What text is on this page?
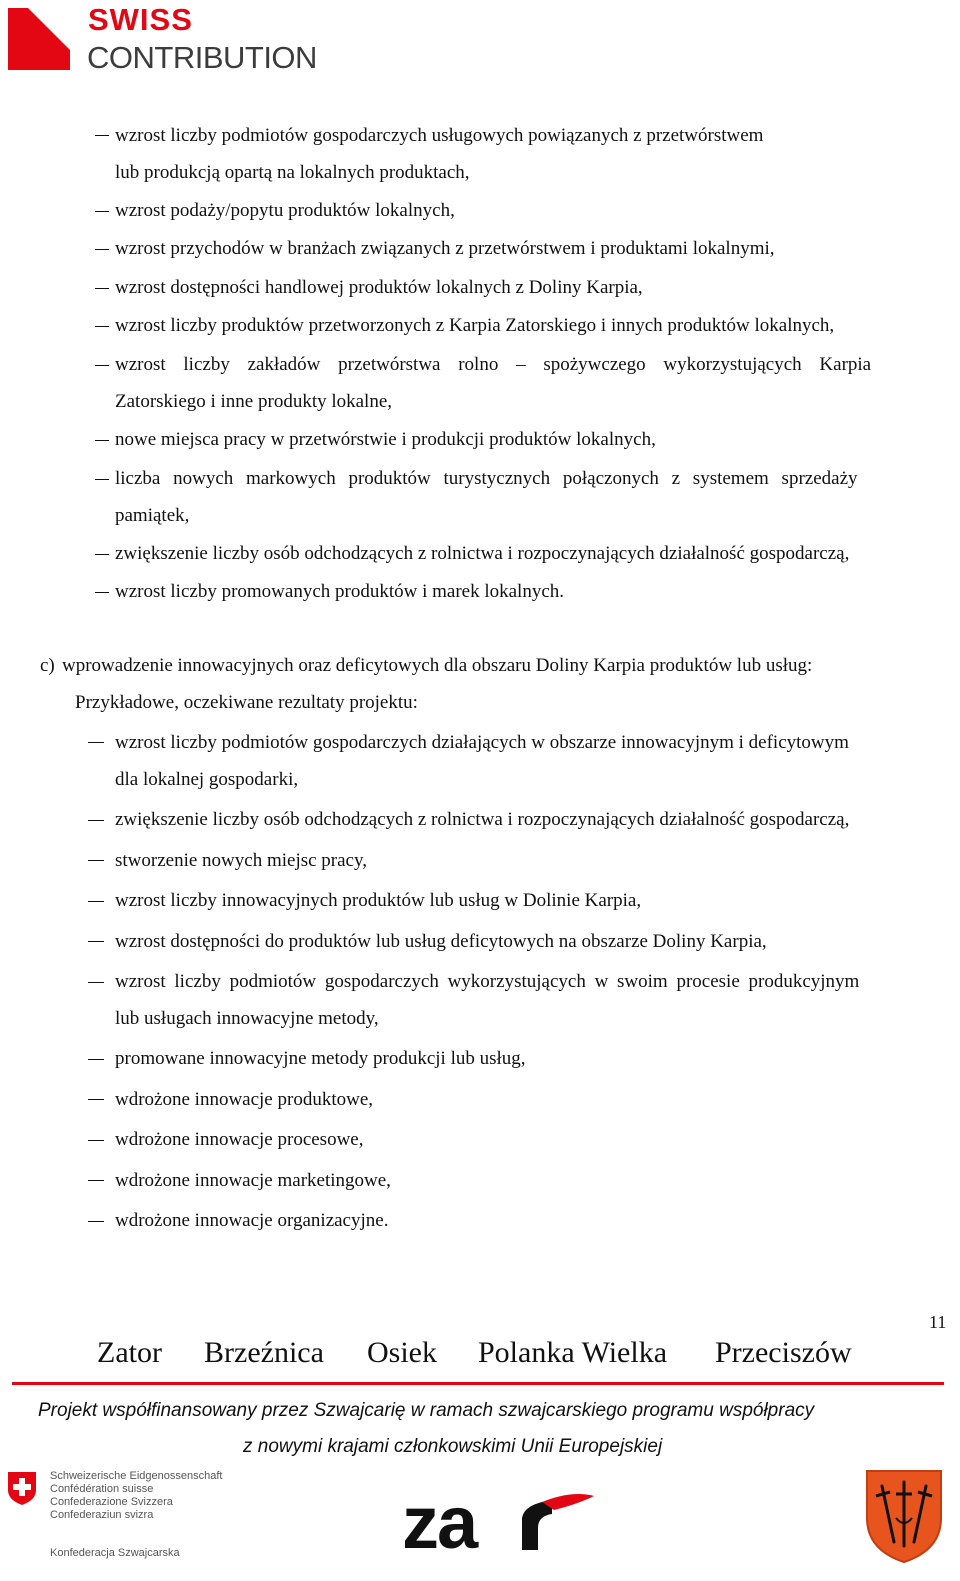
SWISS
CONTRIBUTION
wzrost liczby podmiotów gospodarczych usługowych powiązanych z przetwórstwem
lub produkcją opartą na lokalnych produktach,
wzrost podaży/popytu produktów lokalnych,
wzrost przychodów w branżach związanych z przetwórstwem i produktami lokalnymi,
wzrost dostępności handlowej produktów lokalnych z Doliny Karpia,
wzrost liczby produktów przetworzonych z Karpia Zatorskiego i innych produktów lokalnych,
wzrost liczby zakładów przetwórstwa rolno – spożywczego wykorzystujących Karpia
Zatorskiego i inne produkty lokalne,
nowe miejsca pracy w przetwórstwie i produkcji produktów lokalnych,
liczba nowych markowych produktów turystycznych połączonych z systemem sprzedaży
pamiątek,
zwiększenie liczby osób odchodzących z rolnictwa i rozpoczynających działalność gospodarczą,
wzrost liczby promowanych produktów i marek lokalnych.
c) wprowadzenie innowacyjnych oraz deficytowych dla obszaru Doliny Karpia produktów lub usług:
Przykładowe, oczekiwane rezultaty projektu:
wzrost liczby podmiotów gospodarczych działających w obszarze innowacyjnym i deficytowym
dla lokalnej gospodarki,
zwiększenie liczby osób odchodzących z rolnictwa i rozpoczynających działalność gospodarczą,
stworzenie nowych miejsc pracy,
wzrost liczby innowacyjnych produktów lub usług w Dolinie Karpia,
wzrost dostępności do produktów lub usług deficytowych na obszarze Doliny Karpia,
wzrost liczby podmiotów gospodarczych wykorzystujących w swoim procesie produkcyjnym
lub usługach innowacyjne metody,
promowane innowacyjne metody produkcji lub usług,
wdrożone innowacje produktowe,
wdrożone innowacje procesowe,
wdrożone innowacje marketingowe,
wdrożone innowacje organizacyjne.
11
Zator Brzeźnica Osiek Polanka Wielka Przeciszów
Projekt współfinansowany przez Szwajcarię w ramach szwajcarskiego programu współpracy
z nowymi krajami członkowskimi Unii Europejskiej
Schweizerische Eidgenossenschaft
Confédération suisse
Confederazione Svizzera
Confederaziun svizra
Konfederacja Szwajcarska	za
